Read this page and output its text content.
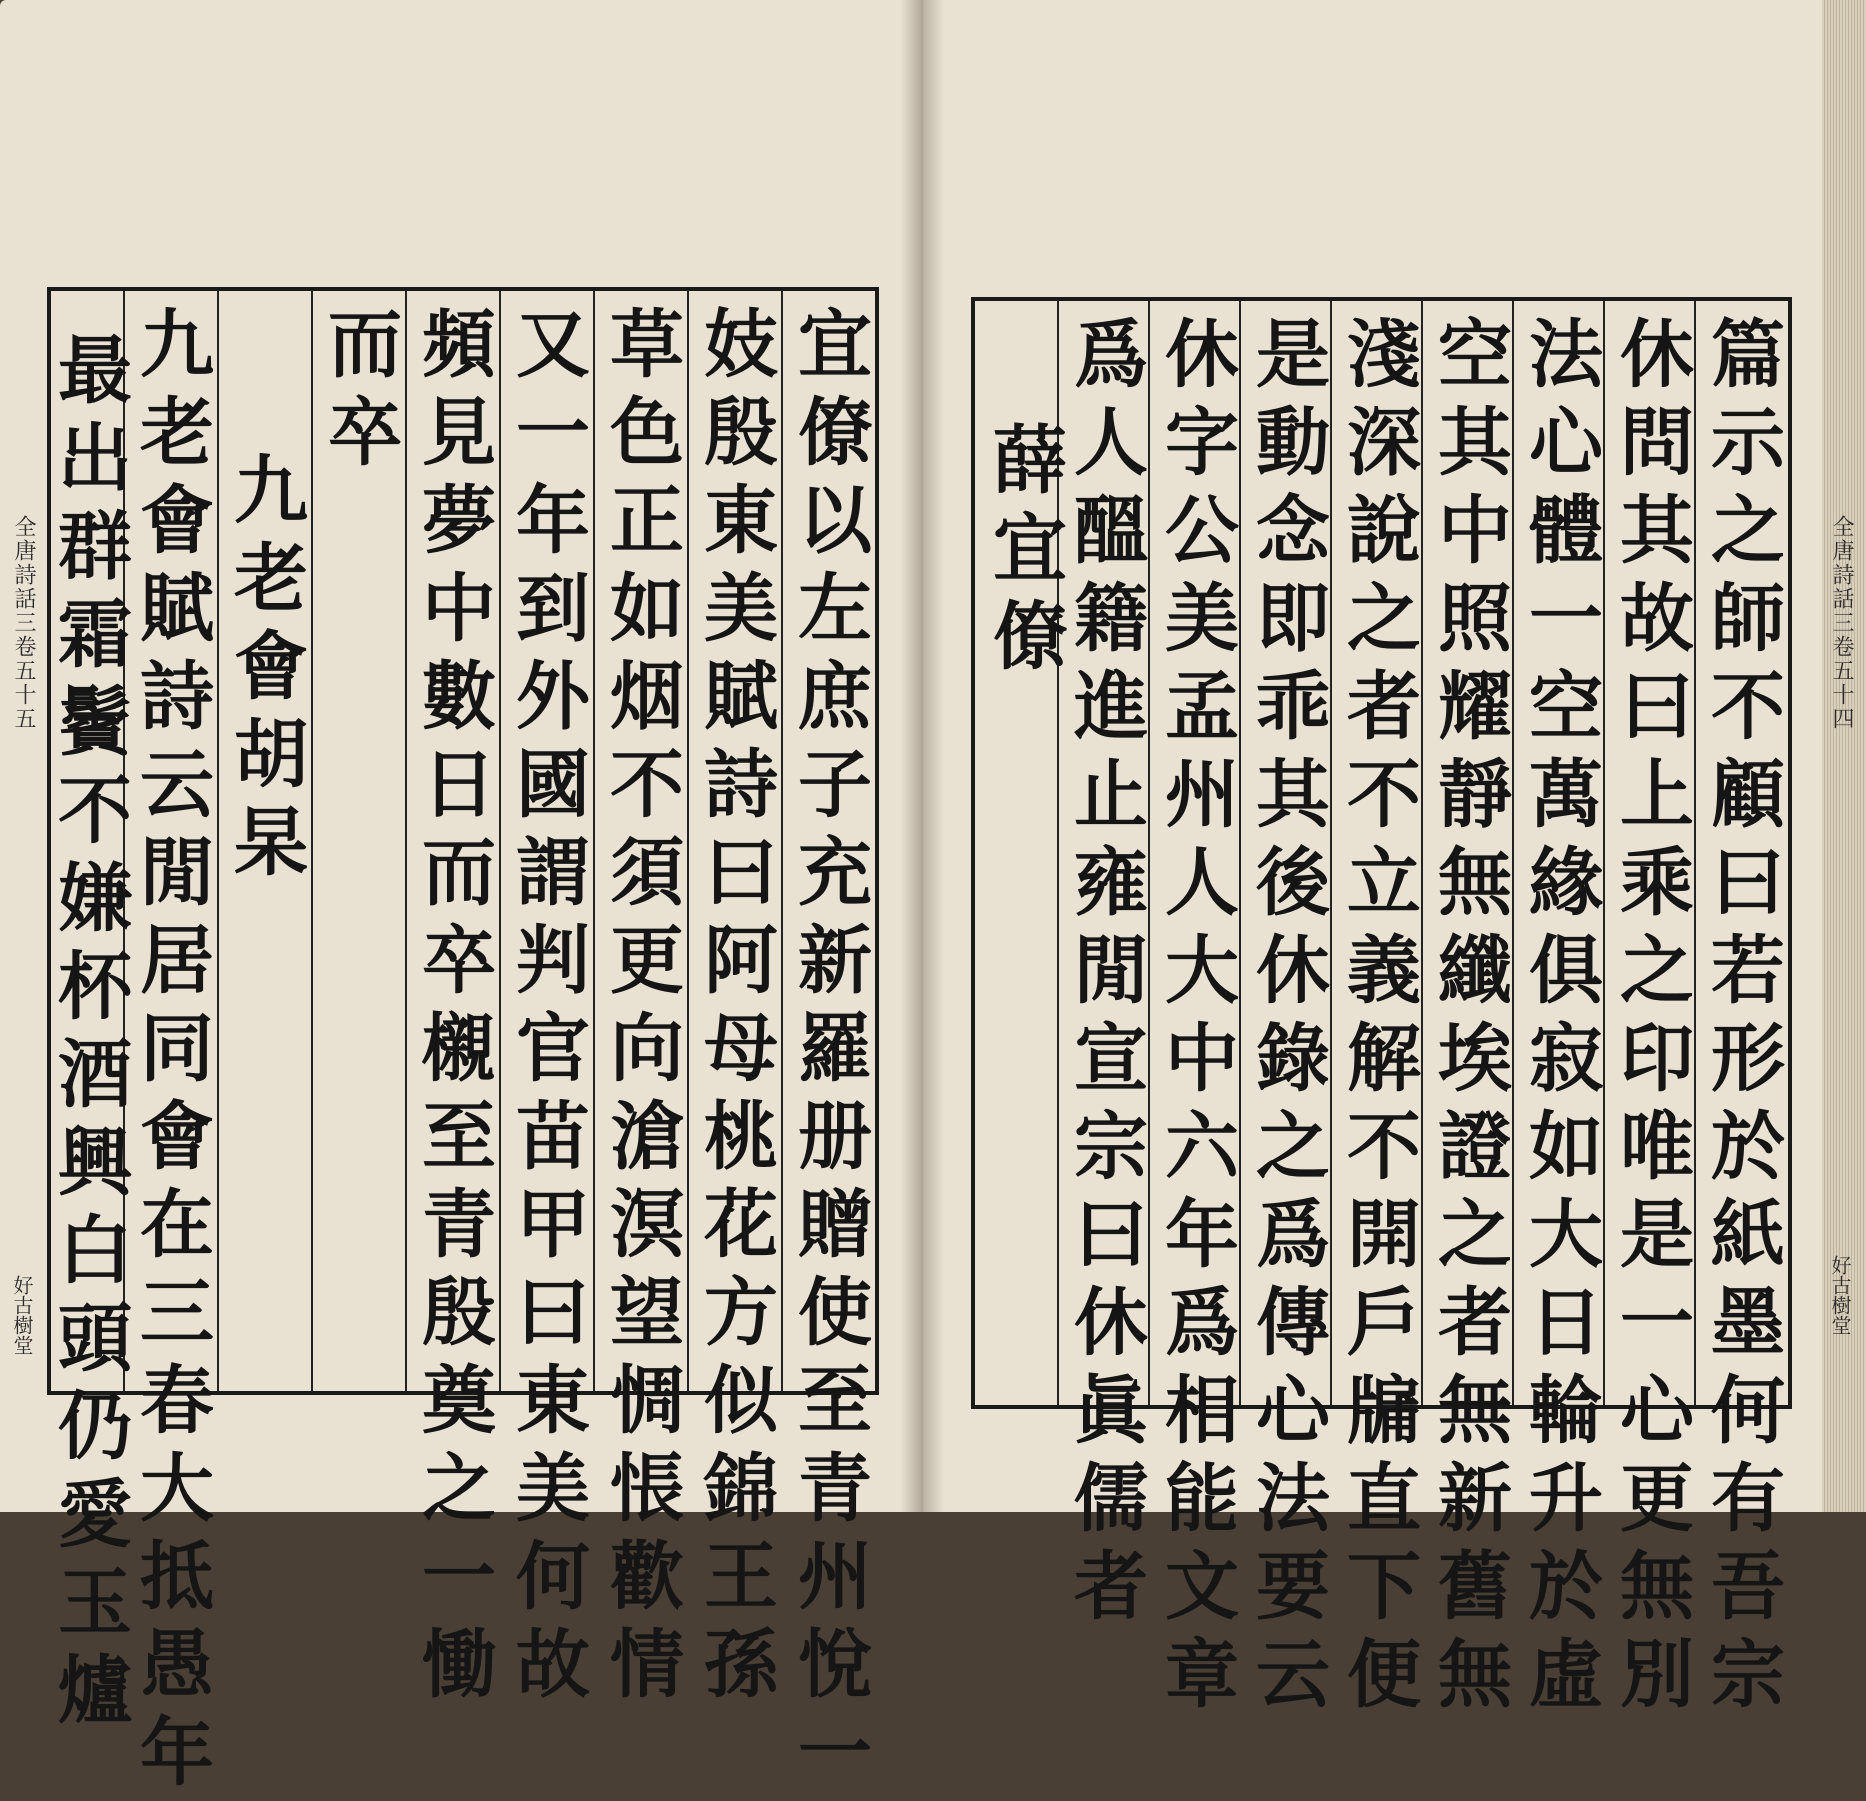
全唐詩話三卷五十五
好古樹堂
全唐詩話三卷五十四
好古樹堂
宜僚以左庶子充新羅册贈使至青州悅一
妓殷東美賦詩曰阿母桃花方似錦王孫
草色正如烟不須更向滄溟望惆悵歡情
又一年到外國謂判官苗甲曰東美何故
頻見夢中數日而卒櫬至青殷奠之一慟
而卒
九老會胡杲
九老會賦詩云閒居同會在三春大抵愚年
最出群霜鬢不嫌杯酒興白頭仍愛玉爐	篇示之師不顧曰若形於紙墨何有吾宗
休問其故曰上乘之印唯是一心更無別
法心體一空萬緣俱寂如大日輪升於虛
空其中照耀靜無纖埃證之者無新舊無
淺深說之者不立義解不開戶牖直下便
是動念即乖其後休錄之爲傳心法要云
休字公美孟州人大中六年爲相能文章
爲人醞籍進止雍閒宣宗曰休眞儒者
薛宜僚
